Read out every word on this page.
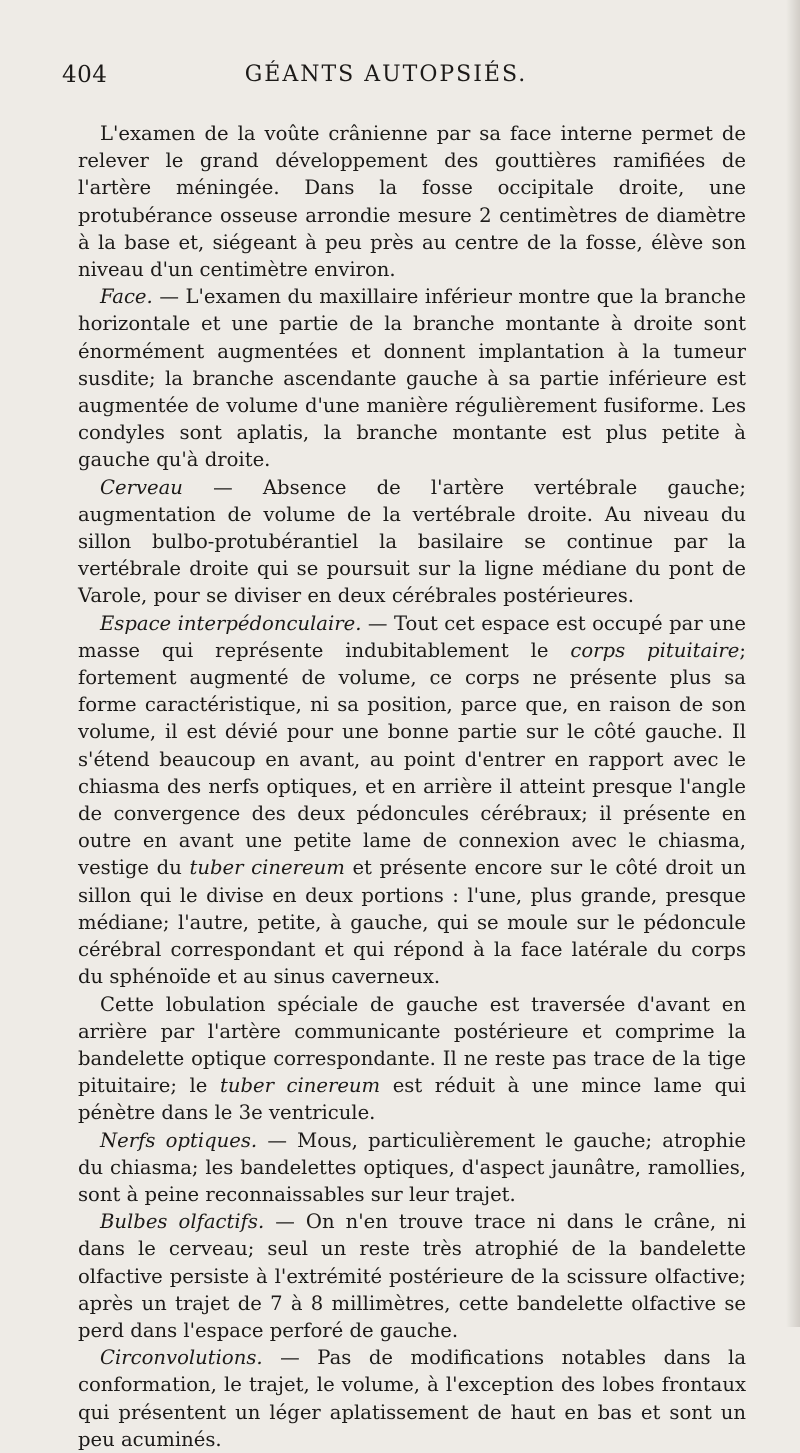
404	GÉANTS AUTOPSIÉS.

L'examen de la voûte crânienne par sa face interne permet de relever le grand développement des gouttières ramifiées de l'artère méningée. Dans la fosse occipitale droite, une protubérance osseuse arrondie mesure 2 centimètres de diamètre à la base et, siégeant à peu près au centre de la fosse, élève son niveau d'un centimètre environ.

Face. — L'examen du maxillaire inférieur montre que la branche horizontale et une partie de la branche montante à droite sont énormément augmentées et donnent implantation à la tumeur susdite; la branche ascendante gauche à sa partie inférieure est augmentée de volume d'une manière régulièrement fusiforme. Les condyles sont aplatis, la branche montante est plus petite à gauche qu'à droite.

Cerveau — Absence de l'artère vertébrale gauche; augmentation de volume de la vertébrale droite. Au niveau du sillon bulbo-protubérantiel la basilaire se continue par la vertébrale droite qui se poursuit sur la ligne médiane du pont de Varole, pour se diviser en deux cérébrales postérieures.

Espace interpédonculaire. — Tout cet espace est occupé par une masse qui représente indubitablement le corps pituitaire; fortement augmenté de volume, ce corps ne présente plus sa forme caractéristique, ni sa position, parce que, en raison de son volume, il est dévié pour une bonne partie sur le côté gauche. Il s'étend beaucoup en avant, au point d'entrer en rapport avec le chiasma des nerfs optiques, et en arrière il atteint presque l'angle de convergence des deux pédoncules cérébraux; il présente en outre en avant une petite lame de connexion avec le chiasma, vestige du tuber cinereum et présente encore sur le côté droit un sillon qui le divise en deux portions : l'une, plus grande, presque médiane; l'autre, petite, à gauche, qui se moule sur le pédoncule cérébral correspondant et qui répond à la face latérale du corps du sphénoïde et au sinus caverneux.

Cette lobulation spéciale de gauche est traversée d'avant en arrière par l'artère communicante postérieure et comprime la bandelette optique correspondante. Il ne reste pas trace de la tige pituitaire; le tuber cinereum est réduit à une mince lame qui pénètre dans le 3e ventricule.

Nerfs optiques. — Mous, particulièrement le gauche; atrophie du chiasma; les bandelettes optiques, d'aspect jaunâtre, ramollies, sont à peine reconnaissables sur leur trajet.

Bulbes olfactifs. — On n'en trouve trace ni dans le crâne, ni dans le cerveau; seul un reste très atrophié de la bandelette olfactive persiste à l'extrémité postérieure de la scissure olfactive; après un trajet de 7 à 8 millimètres, cette bandelette olfactive se perd dans l'espace perforé de gauche.

Circonvolutions. — Pas de modifications notables dans la conformation, le trajet, le volume, à l'exception des lobes frontaux qui présentent un léger aplatissement de haut en bas et sont un peu acuminés.
